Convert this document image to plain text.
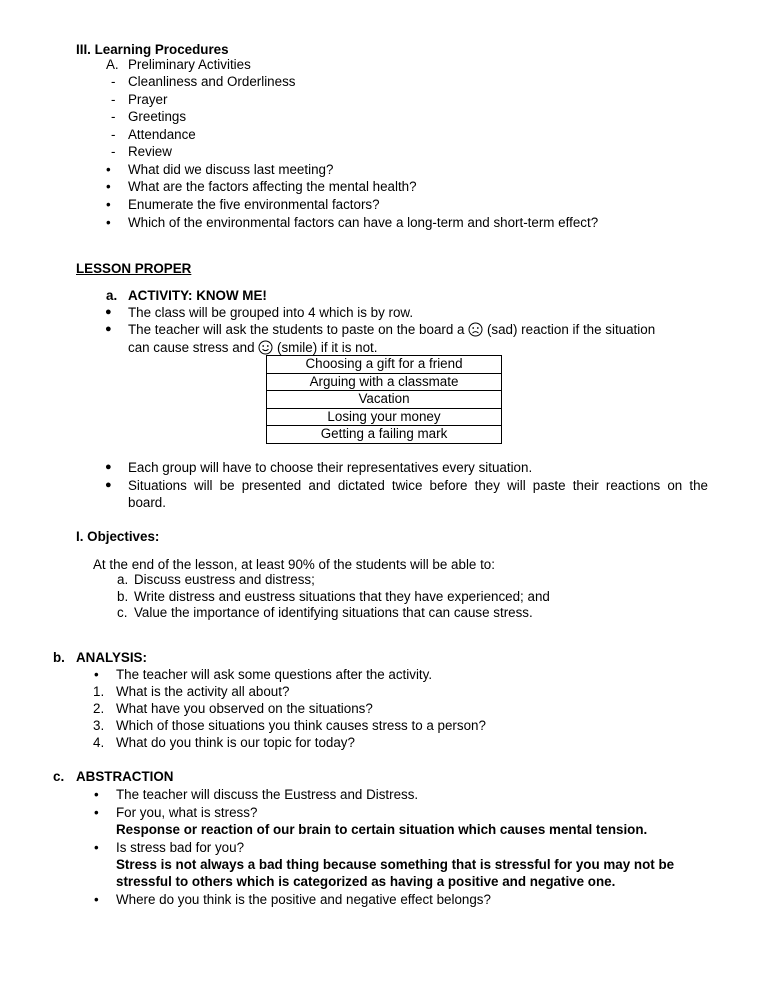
III. Learning Procedures
A. Preliminary Activities
- Cleanliness and Orderliness
- Prayer
- Greetings
- Attendance
- Review
• What did we discuss last meeting?
• What are the factors affecting the mental health?
• Enumerate the five environmental factors?
• Which of the environmental factors can have a long-term and short-term effect?
LESSON PROPER
a. ACTIVITY: KNOW ME!
● The class will be grouped into 4 which is by row.
● The teacher will ask the students to paste on the board a (sad) reaction if the situation
can cause stress and (smile) if it is not.
Choosing a gift for a friend
Arguing with a classmate
Vacation
Losing your money
Getting a failing mark
● Each group will have to choose their representatives every situation.
● Situations will be presented and dictated twice before they will paste their reactions on the
board.
I. Objectives:
At the end of the lesson, at least 90% of the students will be able to:
a. Discuss eustress and distress;
b. Write distress and eustress situations that they have experienced; and
c. Value the importance of identifying situations that can cause stress.
b. ANALYSIS:
• The teacher will ask some questions after the activity.
1. What is the activity all about?
2. What have you observed on the situations?
3. Which of those situations you think causes stress to a person?
4. What do you think is our topic for today?
c. ABSTRACTION
• The teacher will discuss the Eustress and Distress.
• For you, what is stress?
Response or reaction of our brain to certain situation which causes mental tension.
• Is stress bad for you?
Stress is not always a bad thing because something that is stressful for you may not be
stressful to others which is categorized as having a positive and negative one.
• Where do you think is the positive and negative effect belongs?
